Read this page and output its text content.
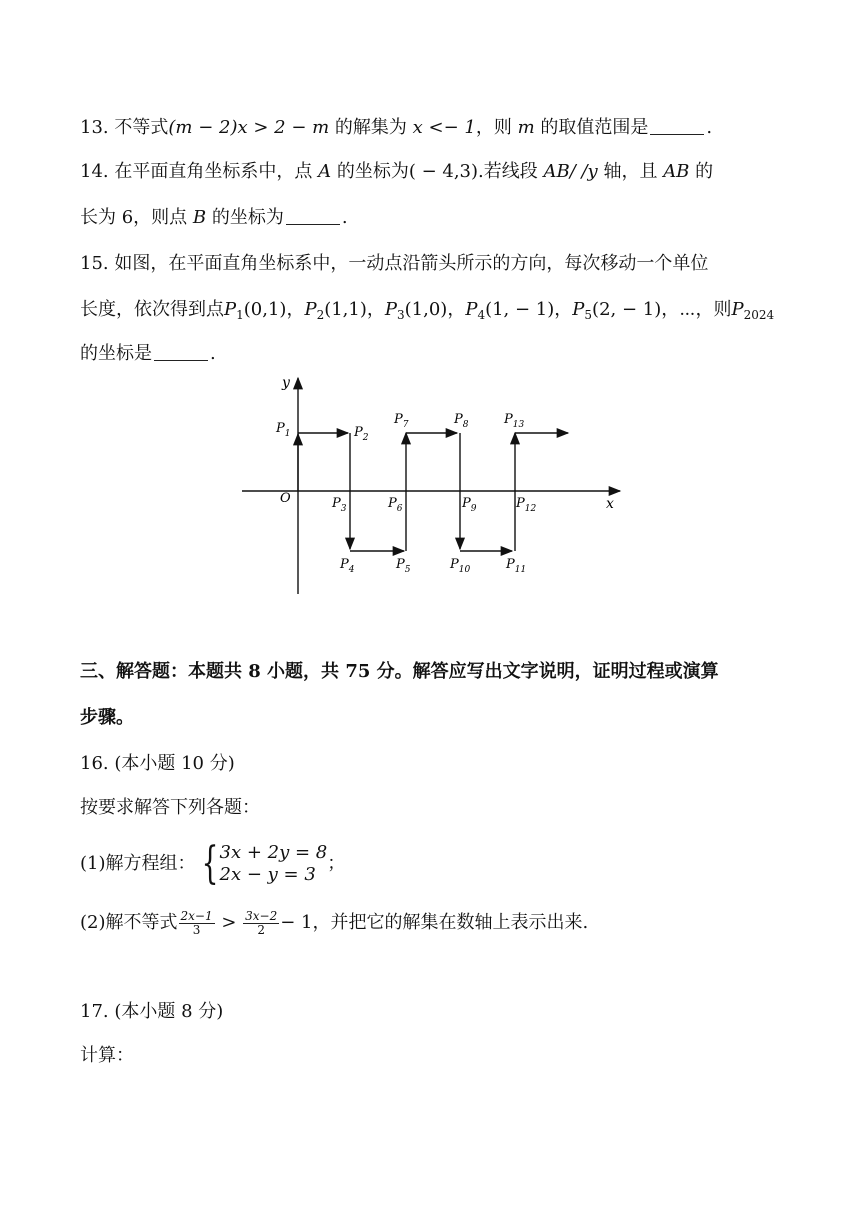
13. 不等式(m − 2)x > 2 − m 的解集为 x <− 1，则 m 的取值范围是	.
14. 在平面直角坐标系中，点 A 的坐标为( − 4,3).若线段 AB/ /y 轴，且 AB 的
长为 6，则点 B 的坐标为	.
15. 如图，在平面直角坐标系中，一动点沿箭头所示的方向，每次移动一个单位
长度，依次得到点$P_1(0,1)$，$P_2(1,1)$，$P_3(1,0)$，$P_4(1$, − 1)，$P_5(2$, − 1)，⋯，则$P_{2024}$
的坐标是	.
y
x
O
$P_1$	$P_2$
$P_3$
$P_4$	$P_5$
$P_6$
$P_7$	$P_8$
$P_9$
$P_{10}$	$P_{11}$
$P_{12}$
$P_{13}$
三、解答题：本题共 8 小题，共 75 分。解答应写出文字说明，证明过程或演算
步骤。
16. (本小题 10 分)
按要求解答下列各题：
(1)解方程组： { 3x + 2y = 8
2x − y = 3
；
(2)解不等式 $\frac{2x-1}{3} > \frac{3x-2}{2} - 1$，并把它的解集在数轴上表示出来.
17. (本小题 8 分)
计算：
